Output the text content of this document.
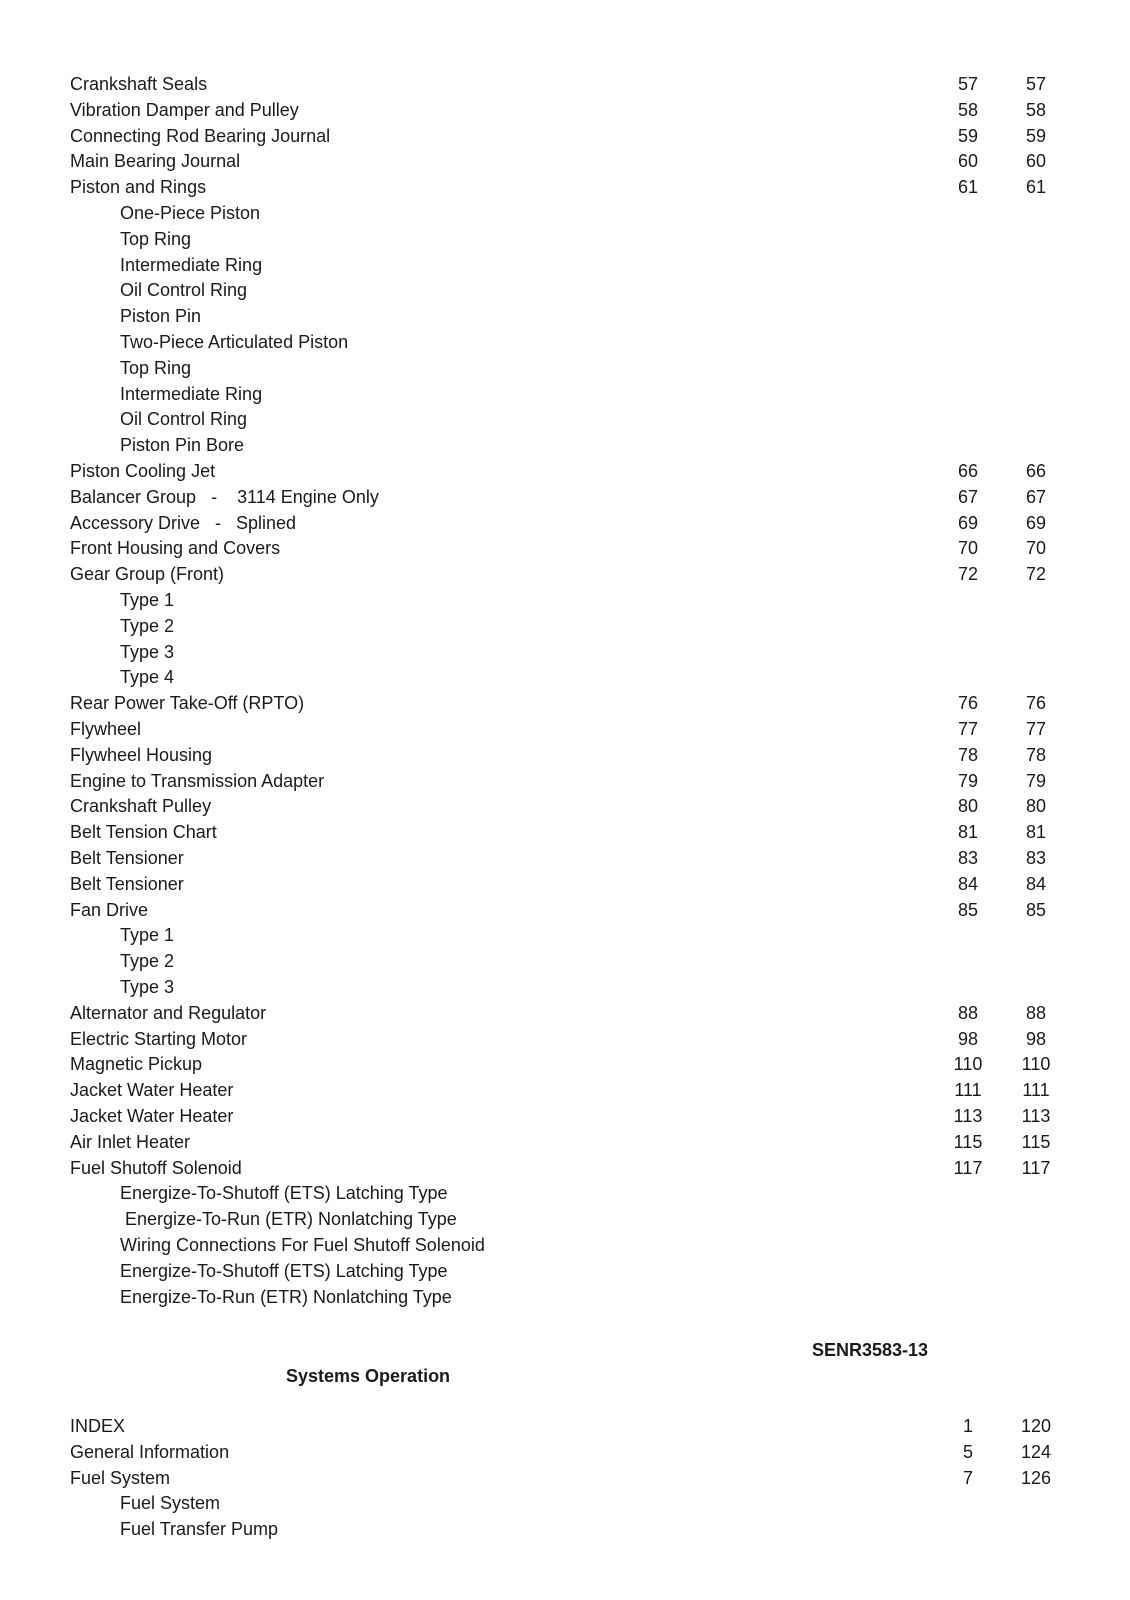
Crankshaft Seals	57	57
Vibration Damper and Pulley	58	58
Connecting Rod Bearing Journal	59	59
Main Bearing Journal	60	60
Piston and Rings	61	61
One-Piece Piston
Top Ring
Intermediate Ring
Oil Control Ring
Piston Pin
Two-Piece Articulated Piston
Top Ring
Intermediate Ring
Oil Control Ring
Piston Pin Bore
Piston Cooling Jet	66	66
Balancer Group   -    3114 Engine Only	67	67
Accessory Drive   -   Splined	69	69
Front Housing and Covers	70	70
Gear Group (Front)	72	72
Type 1
Type 2
Type 3
Type 4
Rear Power Take-Off (RPTO)	76	76
Flywheel	77	77
Flywheel Housing	78	78
Engine to Transmission Adapter	79	79
Crankshaft Pulley	80	80
Belt Tension Chart	81	81
Belt Tensioner	83	83
Belt Tensioner	84	84
Fan Drive	85	85
Type 1
Type 2
Type 3
Alternator and Regulator	88	88
Electric Starting Motor	98	98
Magnetic Pickup	110	110
Jacket Water Heater	111	111
Jacket Water Heater	113	113
Air Inlet Heater	115	115
Fuel Shutoff Solenoid	117	117
Energize-To-Shutoff (ETS) Latching Type
Energize-To-Run (ETR) Nonlatching Type
Wiring Connections For Fuel Shutoff Solenoid
Energize-To-Shutoff (ETS) Latching Type
Energize-To-Run (ETR) Nonlatching Type
SENR3583-13
Systems Operation
INDEX	1	120
General Information	5	124
Fuel System	7	126
Fuel System
Fuel Transfer Pump
